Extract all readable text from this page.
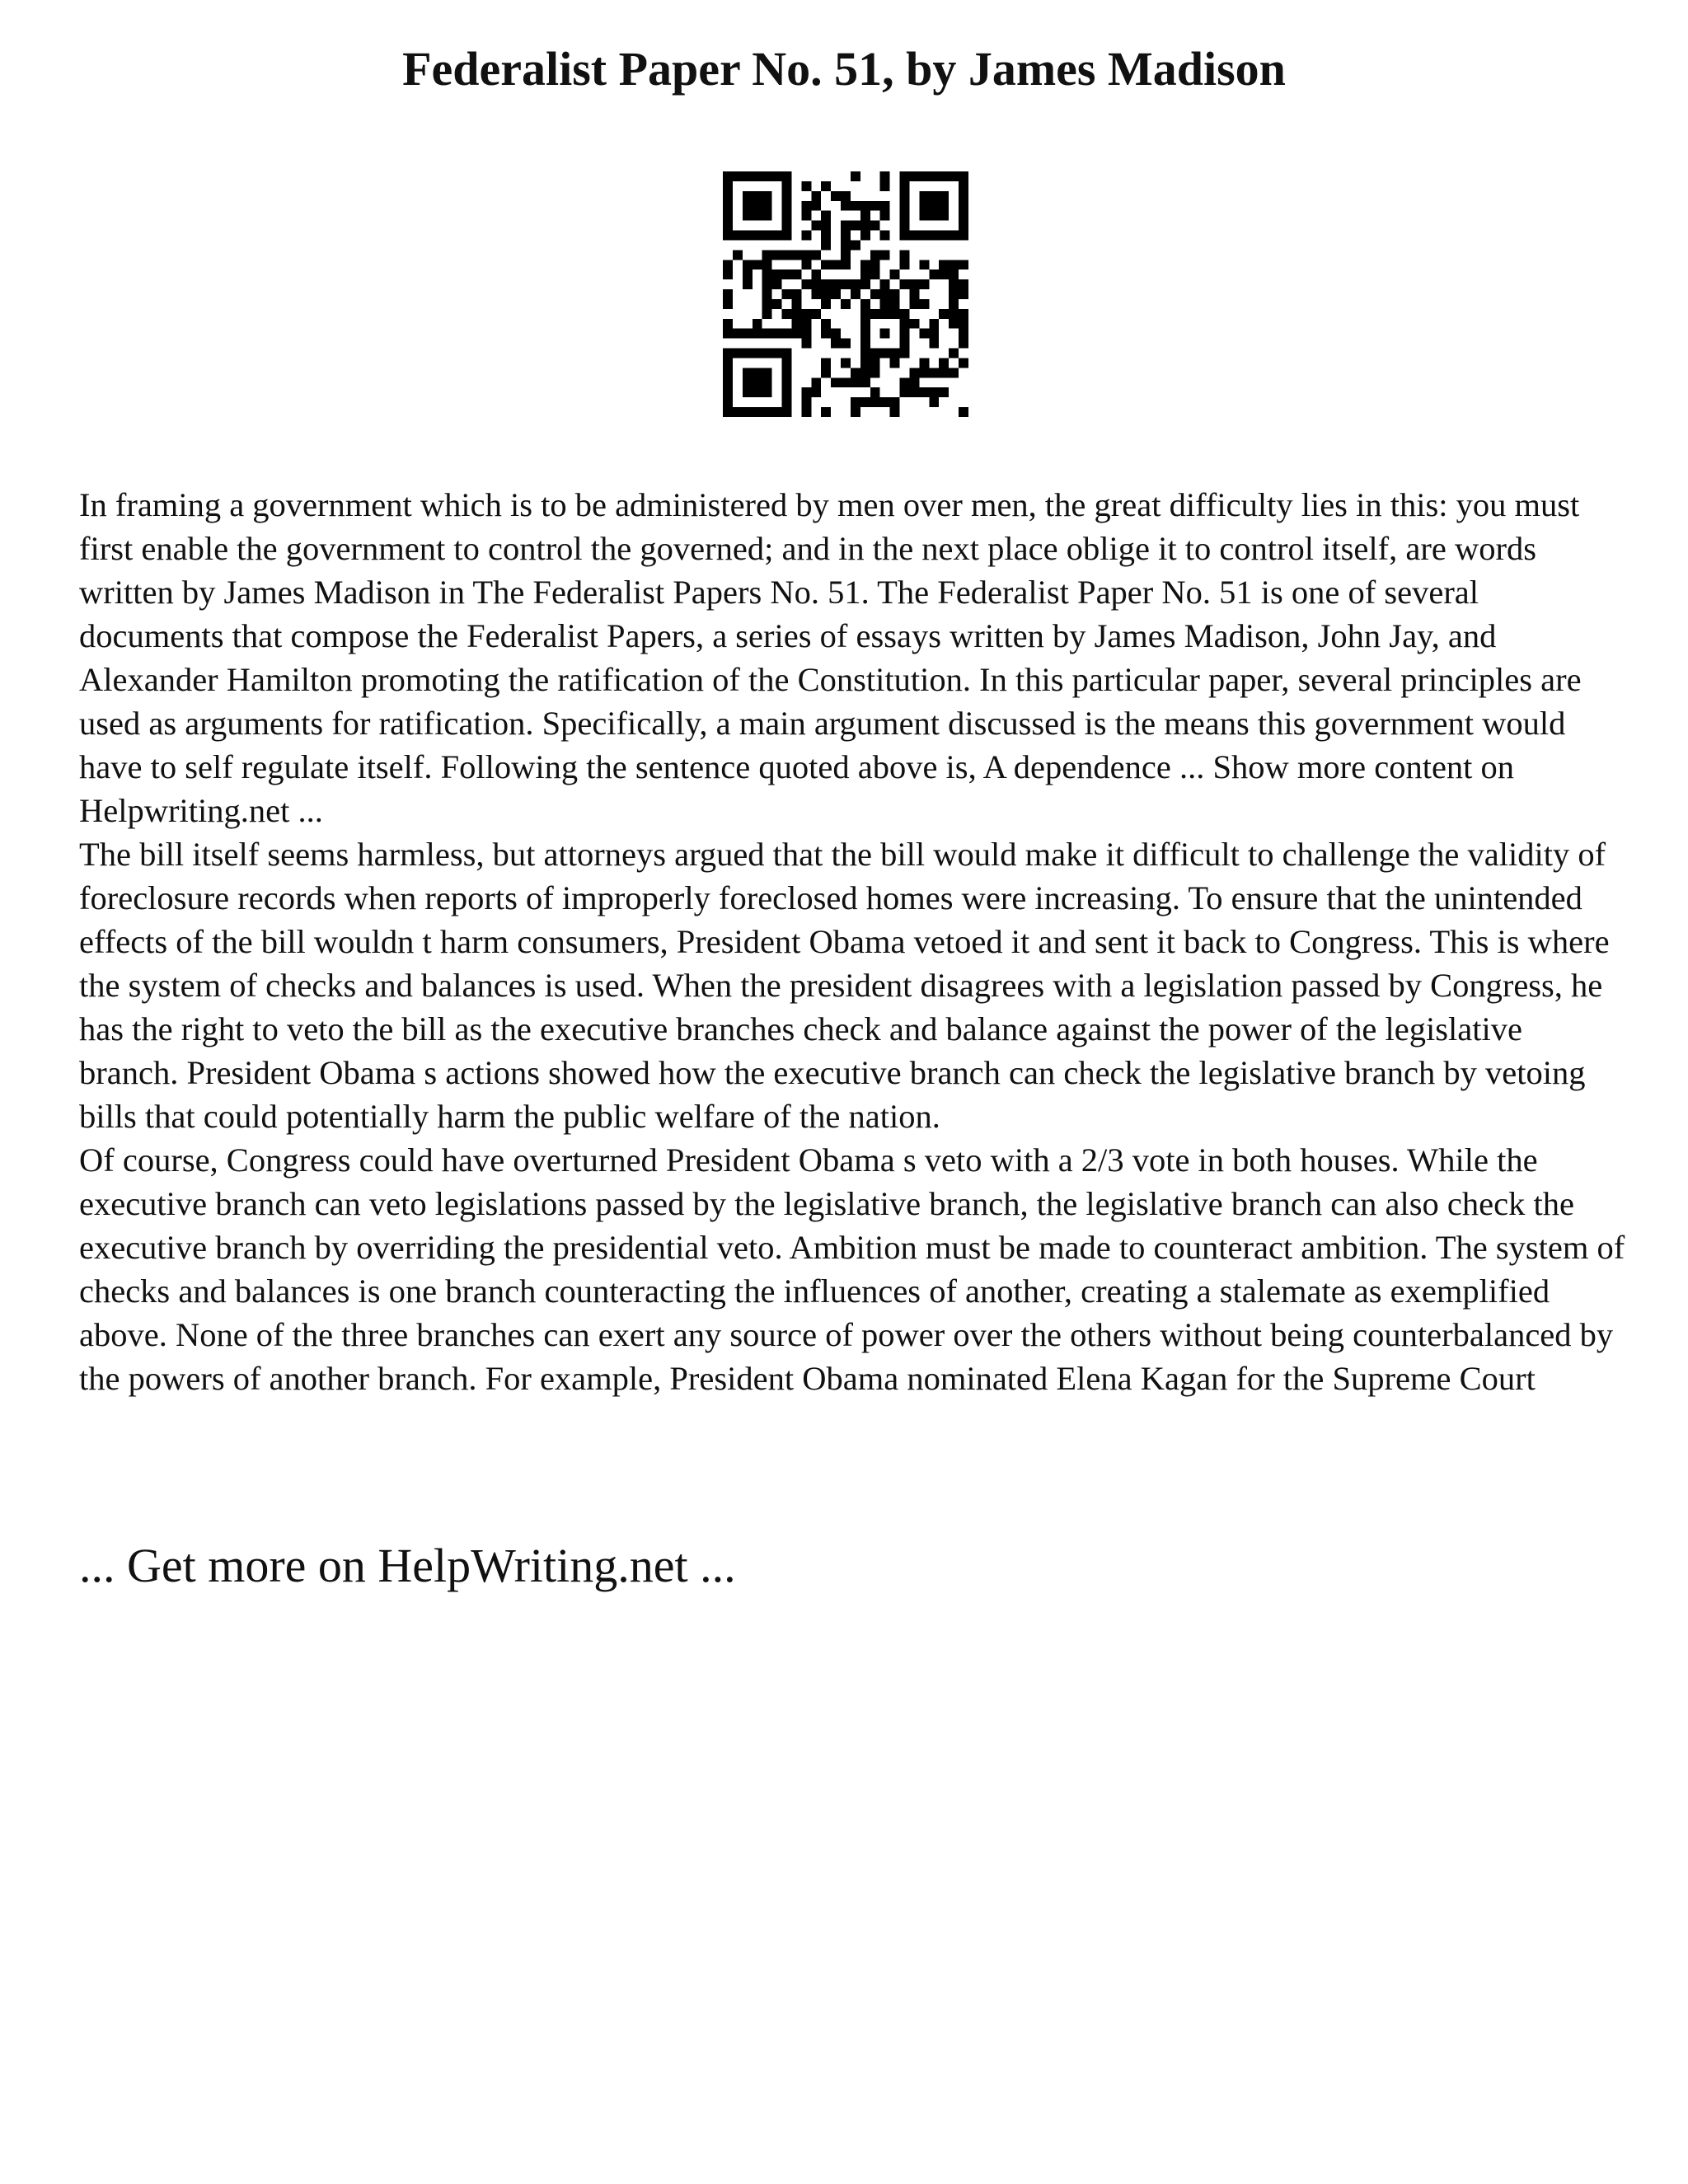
Federalist Paper No. 51, by James Madison

In framing a government which is to be administered by men over men, the great difficulty lies in this: you must first enable the government to control the governed; and in the next place oblige it to control itself, are words written by James Madison in The Federalist Papers No. 51. The Federalist Paper No. 51 is one of several documents that compose the Federalist Papers, a series of essays written by James Madison, John Jay, and Alexander Hamilton promoting the ratification of the Constitution. In this particular paper, several principles are used as arguments for ratification. Specifically, a main argument discussed is the means this government would have to self regulate itself. Following the sentence quoted above is, A dependence ... Show more content on Helpwriting.net ...

The bill itself seems harmless, but attorneys argued that the bill would make it difficult to challenge the validity of foreclosure records when reports of improperly foreclosed homes were increasing. To ensure that the unintended effects of the bill wouldn t harm consumers, President Obama vetoed it and sent it back to Congress. This is where the system of checks and balances is used. When the president disagrees with a legislation passed by Congress, he has the right to veto the bill as the executive branches check and balance against the power of the legislative branch. President Obama s actions showed how the executive branch can check the legislative branch by vetoing bills that could potentially harm the public welfare of the nation.

Of course, Congress could have overturned President Obama s veto with a 2/3 vote in both houses. While the executive branch can veto legislations passed by the legislative branch, the legislative branch can also check the executive branch by overriding the presidential veto. Ambition must be made to counteract ambition. The system of checks and balances is one branch counteracting the influences of another, creating a stalemate as exemplified above. None of the three branches can exert any source of power over the others without being counterbalanced by the powers of another branch. For example, President Obama nominated Elena Kagan for the Supreme Court

... Get more on HelpWriting.net ...
